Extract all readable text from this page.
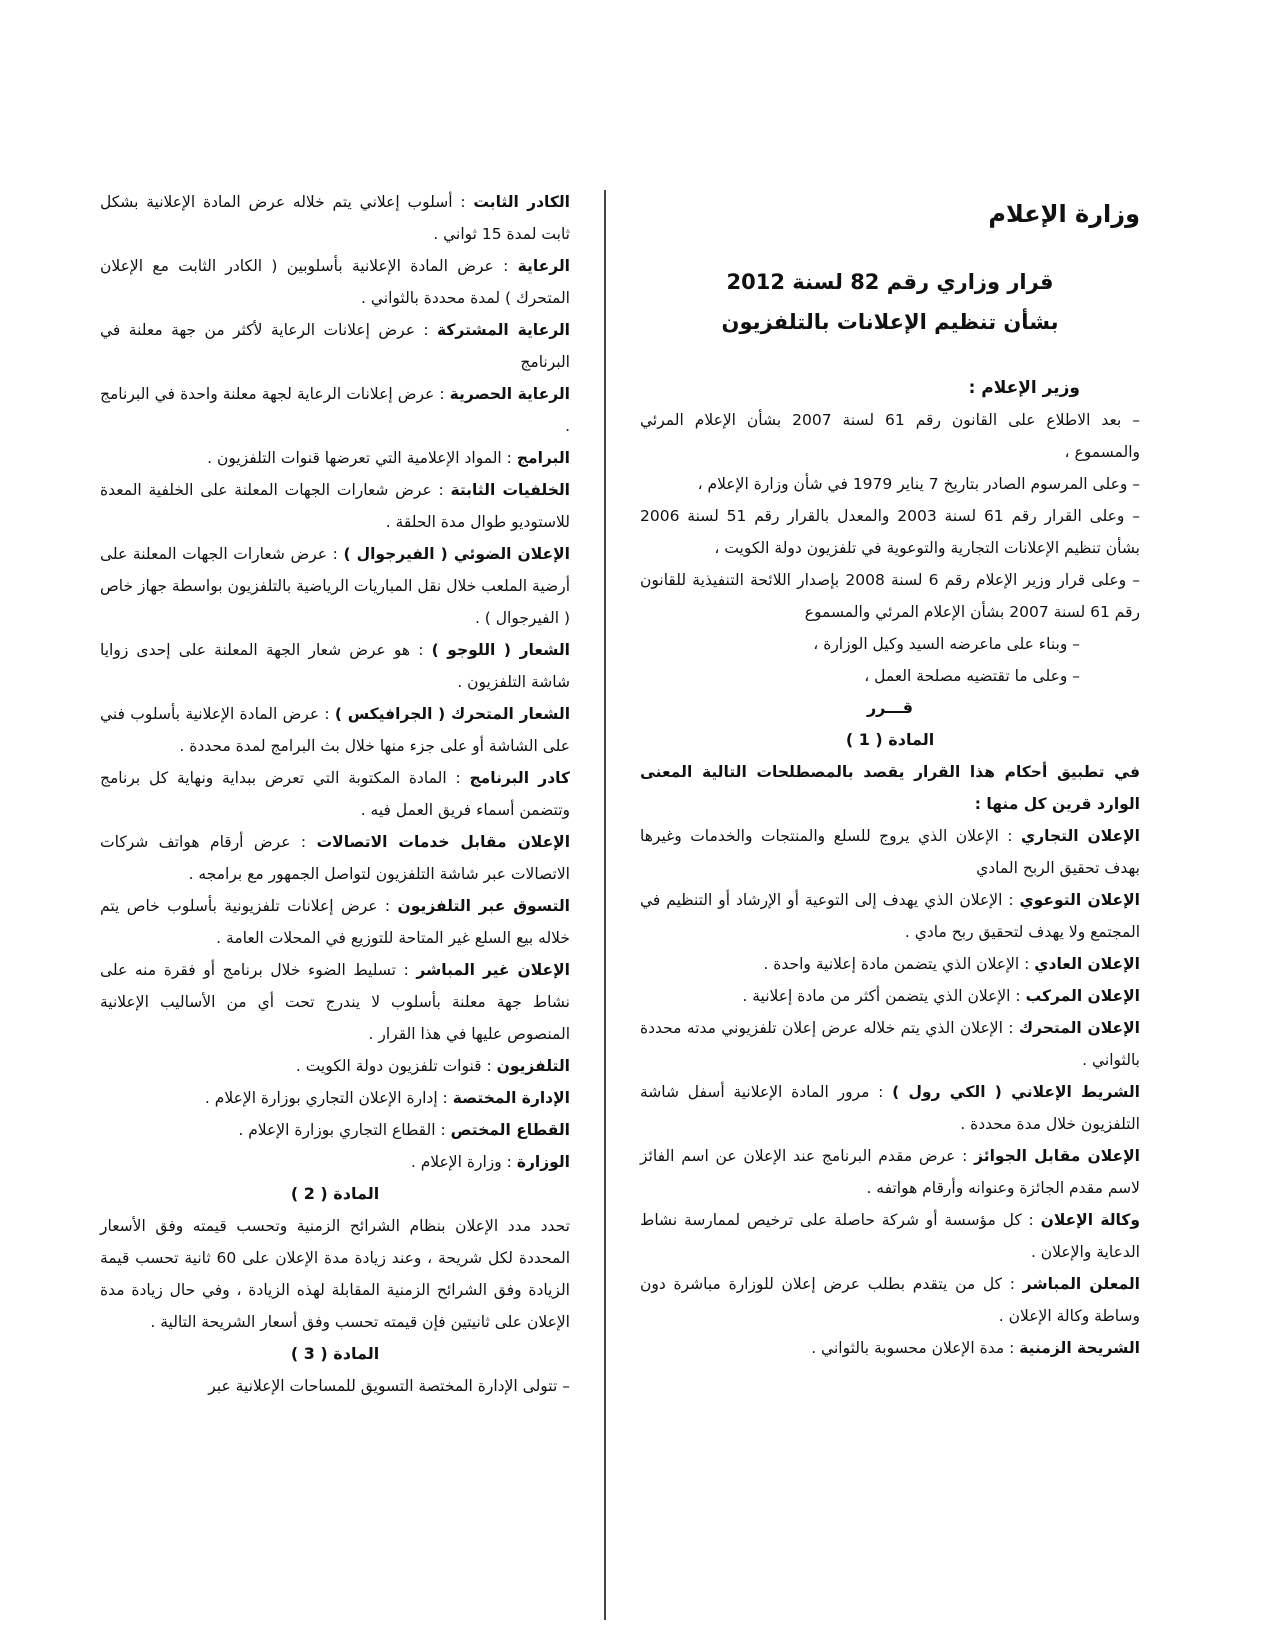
وزارة الإعلام

قرار وزاري رقم 82 لسنة 2012

بشأن تنظيم الإعلانات بالتلفزيون

وزير الإعلام :

– بعد الاطلاع على القانون رقم 61 لسنة 2007 بشأن الإعلام المرئي والمسموع ،

– وعلى المرسوم الصادر بتاريخ 7 يناير 1979 في شأن وزارة الإعلام ،

– وعلى القرار رقم 61 لسنة 2003 والمعدل بالقرار رقم 51 لسنة 2006 بشأن تنظيم الإعلانات التجارية والتوعوية في تلفزيون دولة الكويت ،

– وعلى قرار وزير الإعلام رقم 6 لسنة 2008 بإصدار اللائحة التنفيذية للقانون رقم 61 لسنة 2007 بشأن الإعلام المرئي والمسموع

– وبناء على ماعرضه السيد وكيل الوزارة ،

– وعلى ما تقتضيه مصلحة العمل ،

قـــرر

المادة ( 1 )

في تطبيق أحكام هذا القرار يقصد بالمصطلحات التالية المعنى الوارد قرين كل منها :

الإعلان التجاري : الإعلان الذي يروج للسلع والمنتجات والخدمات وغيرها بهدف تحقيق الربح المادي

الإعلان التوعوي : الإعلان الذي يهدف إلى التوعية أو الإرشاد أو التنظيم في المجتمع ولا يهدف لتحقيق ربح مادي .

الإعلان العادي : الإعلان الذي يتضمن مادة إعلانية واحدة .

الإعلان المركب : الإعلان الذي يتضمن أكثر من مادة إعلانية .

الإعلان المتحرك : الإعلان الذي يتم خلاله عرض إعلان تلفزيوني مدته محددة بالثواني .

الشريط الإعلاني ( الكي رول ) : مرور المادة الإعلانية أسفل شاشة التلفزيون خلال مدة محددة .

الإعلان مقابل الجوائز : عرض مقدم البرنامج عند الإعلان عن اسم الفائز لاسم مقدم الجائزة وعنوانه وأرقام هواتفه .

وكالة الإعلان : كل مؤسسة أو شركة حاصلة على ترخيص لممارسة نشاط الدعاية والإعلان .

المعلن المباشر : كل من يتقدم بطلب عرض إعلان للوزارة مباشرة دون وساطة وكالة الإعلان .

الشريحة الزمنية : مدة الإعلان محسوبة بالثواني .

الكادر الثابت : أسلوب إعلاني يتم خلاله عرض المادة الإعلانية بشكل ثابت لمدة 15 ثواني .

الرعاية : عرض المادة الإعلانية بأسلوبين ( الكادر الثابت مع الإعلان المتحرك ) لمدة محددة بالثواني .

الرعاية المشتركة : عرض إعلانات الرعاية لأكثر من جهة معلنة في البرنامج

الرعاية الحصرية : عرض إعلانات الرعاية لجهة معلنة واحدة في البرنامج .

البرامج : المواد الإعلامية التي تعرضها قنوات التلفزيون .

الخلفيات الثابتة : عرض شعارات الجهات المعلنة على الخلفية المعدة للاستوديو طوال مدة الحلقة .

الإعلان الضوئي ( الفيرجوال ) : عرض شعارات الجهات المعلنة على أرضية الملعب خلال نقل المباريات الرياضية بالتلفزيون بواسطة جهاز خاص ( الفيرجوال ) .

الشعار ( اللوجو ) : هو عرض شعار الجهة المعلنة على إحدى زوايا شاشة التلفزيون .

الشعار المتحرك ( الجرافيكس ) : عرض المادة الإعلانية بأسلوب فني على الشاشة أو على جزء منها خلال بث البرامج لمدة محددة .

كادر البرنامج : المادة المكتوبة التي تعرض ببداية ونهاية كل برنامج وتتضمن أسماء فريق العمل فيه .

الإعلان مقابل خدمات الاتصالات : عرض أرقام هواتف شركات الاتصالات عبر شاشة التلفزيون لتواصل الجمهور مع برامجه .

التسوق عبر التلفزيون : عرض إعلانات تلفزيونية بأسلوب خاص يتم خلاله بيع السلع غير المتاحة للتوزيع في المحلات العامة .

الإعلان غير المباشر : تسليط الضوء خلال برنامج أو فقرة منه على نشاط جهة معلنة بأسلوب لا يندرج تحت أي من الأساليب الإعلانية المنصوص عليها في هذا القرار .

التلفزيون : قنوات تلفزيون دولة الكويت .

الإدارة المختصة : إدارة الإعلان التجاري بوزارة الإعلام .

القطاع المختص : القطاع التجاري بوزارة الإعلام .

الوزارة : وزارة الإعلام .

المادة ( 2 )

تحدد مدد الإعلان بنظام الشرائح الزمنية وتحسب قيمته وفق الأسعار المحددة لكل شريحة ، وعند زيادة مدة الإعلان على 60 ثانية تحسب قيمة الزيادة وفق الشرائح الزمنية المقابلة لهذه الزيادة ، وفي حال زيادة مدة الإعلان على ثانيتين فإن قيمته تحسب وفق أسعار الشريحة التالية .

المادة ( 3 )

– تتولى الإدارة المختصة التسويق للمساحات الإعلانية عبر
